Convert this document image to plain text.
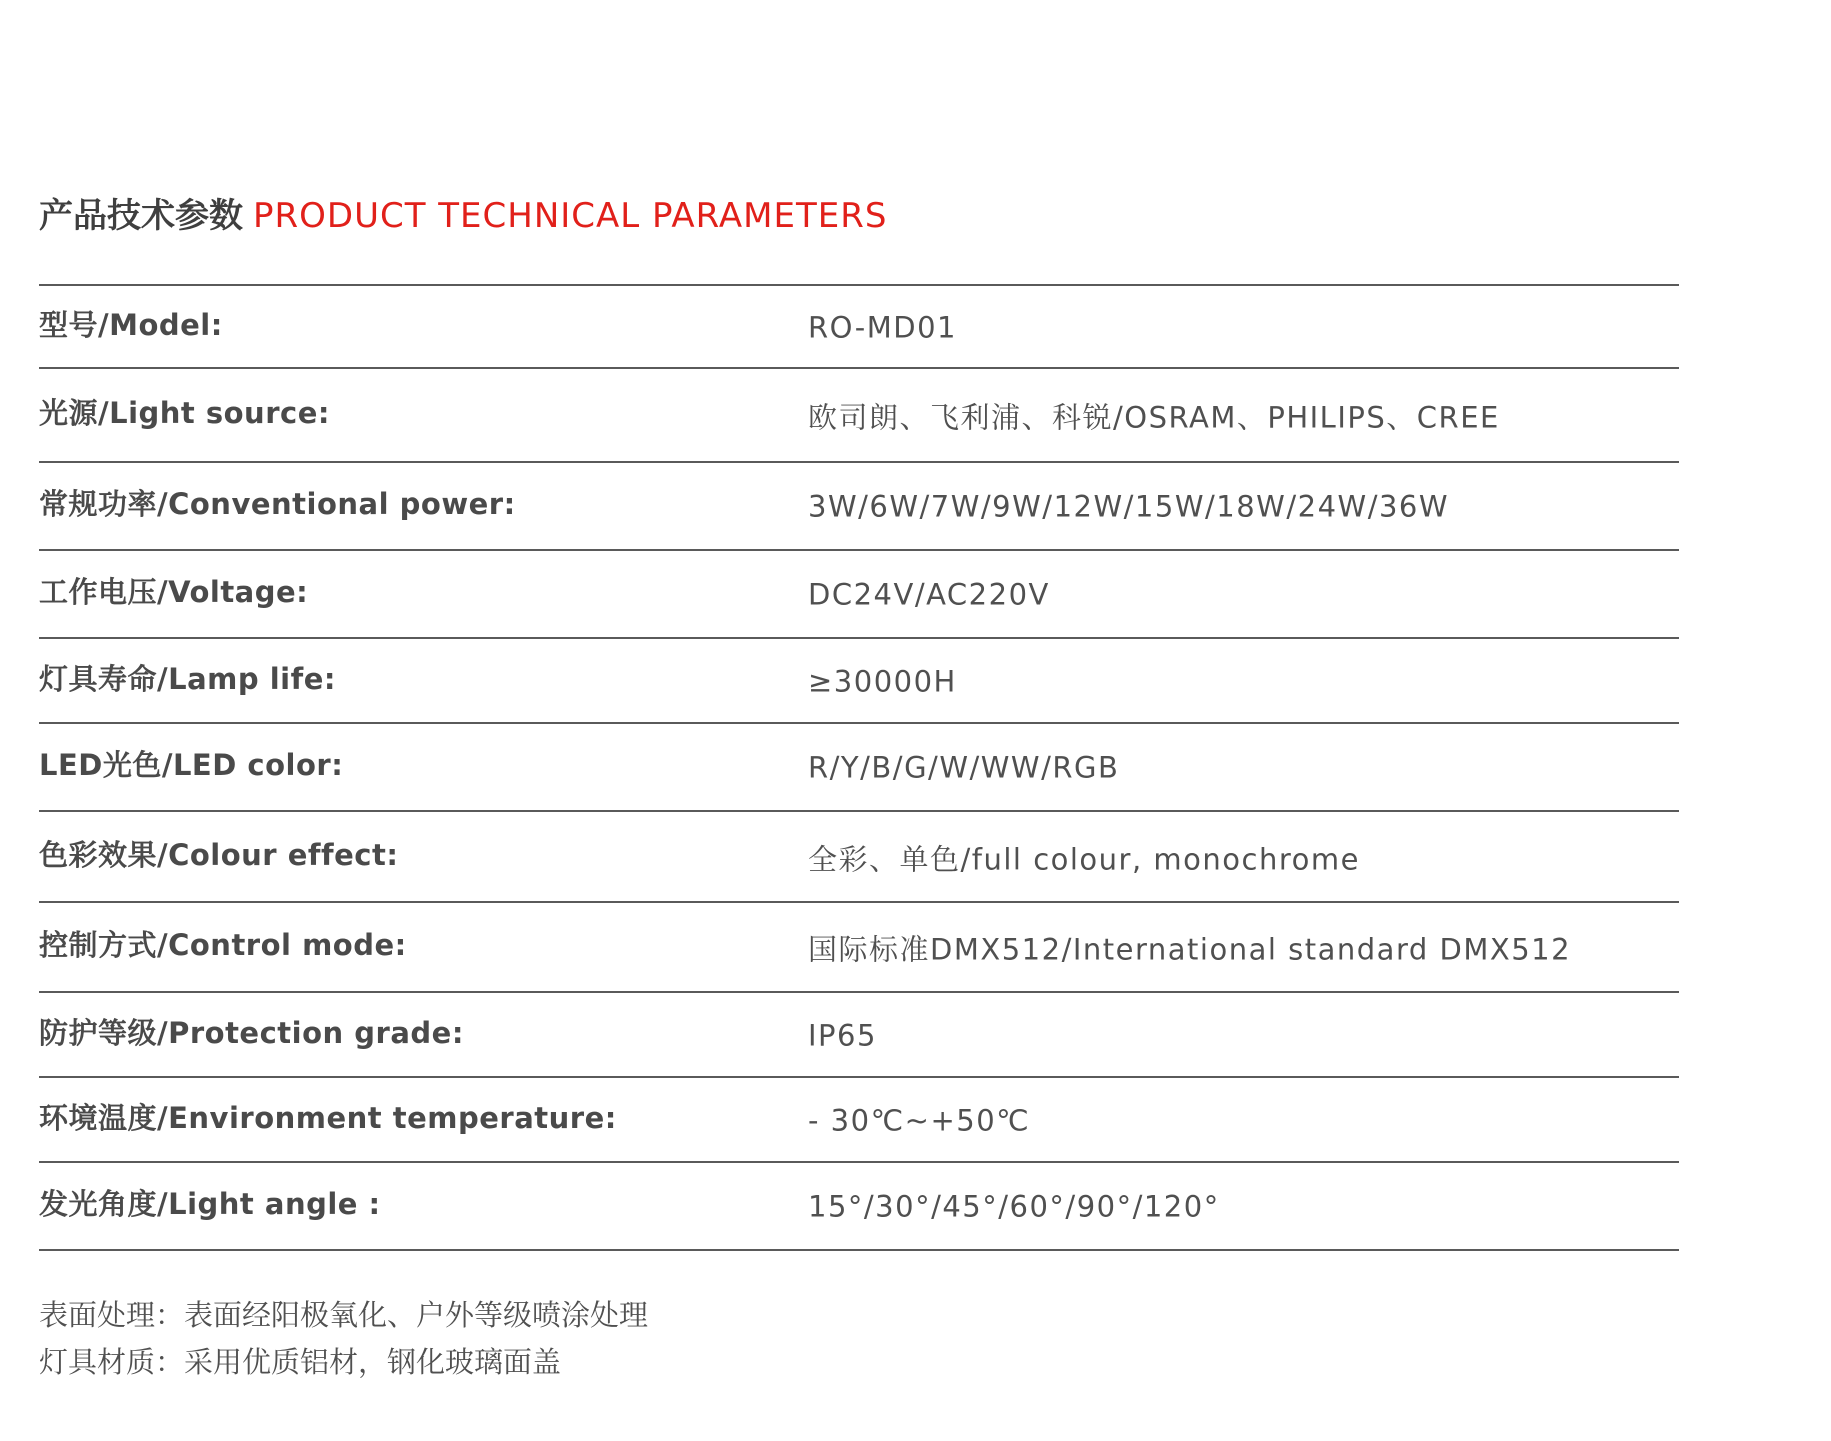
产品技术参数 PRODUCT TECHNICAL PARAMETERS
型号/Model:	RO-MD01
光源/Light source:	欧司朗、飞利浦、科锐/OSRAM、PHILIPS、CREE
常规功率/Conventional power:	3W/6W/7W/9W/12W/15W/18W/24W/36W
工作电压/Voltage:	DC24V/AC220V
灯具寿命/Lamp life:	≥30000H
LED光色/LED color:	R/Y/B/G/W/WW/RGB
色彩效果/Colour effect:	全彩、单色/full colour, monochrome
控制方式/Control mode:	国际标准DMX512/International standard DMX512
防护等级/Protection grade:	IP65
环境温度/Environment temperature:	- 30℃~+50℃
发光角度/Light angle :	15°/30°/45°/60°/90°/120°
表面处理：表面经阳极氧化、户外等级喷涂处理
灯具材质：采用优质铝材，钢化玻璃面盖
